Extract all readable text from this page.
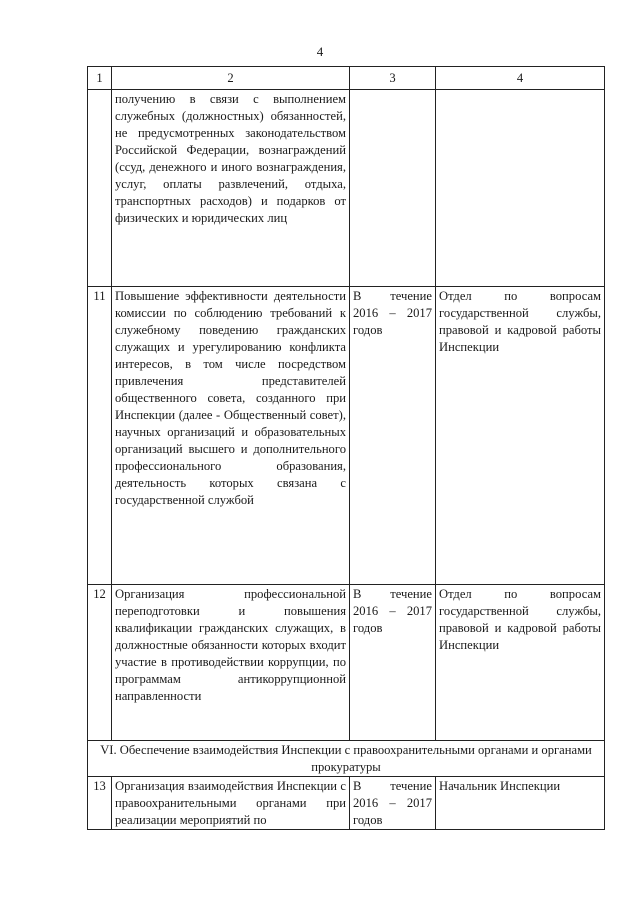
4
1	2	3	4
	получению в связи с выполнением служебных (должностных) обязанностей, не предусмотренных законодательством Российской Федерации, вознаграждений (ссуд, денежного и иного вознаграждения, услуг, оплаты развлечений, отдыха, транспортных расходов) и подарков от физических и юридических лиц		
11	Повышение эффективности деятельности комиссии по соблюдению требований к служебному поведению гражданских служащих и урегулированию конфликта интересов, в том числе посредством привлечения представителей общественного совета, созданного при Инспекции (далее - Общественный совет), научных организаций и образовательных организаций высшего и дополнительного профессионального образования, деятельность которых связана с государственной службой	В течение 2016 – 2017 годов	Отдел по вопросам государственной службы, правовой и кадровой работы Инспекции
12	Организация профессиональной переподготовки и повышения квалификации гражданских служащих, в должностные обязанности которых входит участие в противодействии коррупции, по программам антикоррупционной направленности	В течение 2016 – 2017 годов	Отдел по вопросам государственной службы, правовой и кадровой работы Инспекции
VI. Обеспечение взаимодействия Инспекции с правоохранительными органами и органами прокуратуры			
13	Организация взаимодействия Инспекции с правоохранительными органами при реализации мероприятий по	В течение 2016 – 2017 годов	Начальник Инспекции
